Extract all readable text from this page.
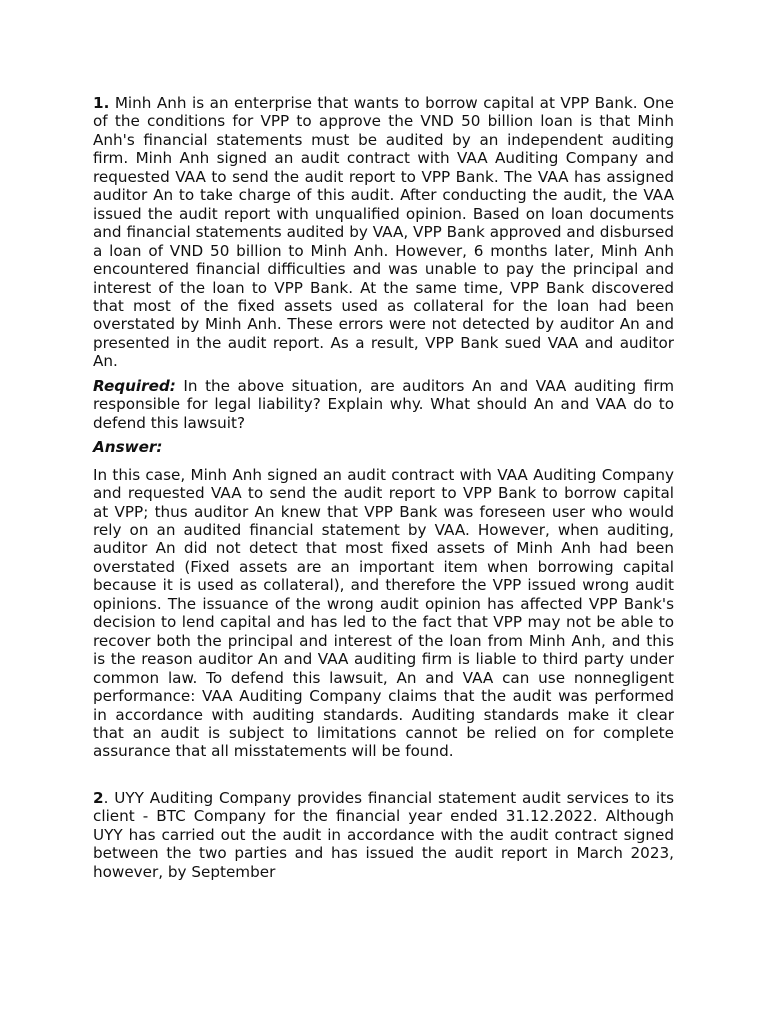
1. Minh Anh is an enterprise that wants to borrow capital at VPP Bank. One of the conditions for VPP to approve the VND 50 billion loan is that Minh Anh's financial statements must be audited by an independent auditing firm. Minh Anh signed an audit contract with VAA Auditing Company and requested VAA to send the audit report to VPP Bank. The VAA has assigned auditor An to take charge of this audit. After conducting the audit, the VAA issued the audit report with unqualified opinion. Based on loan documents and financial statements audited by VAA, VPP Bank approved and disbursed a loan of VND 50 billion to Minh Anh. However, 6 months later, Minh Anh encountered financial difficulties and was unable to pay the principal and interest of the loan to VPP Bank. At the same time, VPP Bank discovered that most of the fixed assets used as collateral for the loan had been overstated by Minh Anh. These errors were not detected by auditor An and presented in the audit report. As a result, VPP Bank sued VAA and auditor An.

Required: In the above situation, are auditors An and VAA auditing firm responsible for legal liability? Explain why. What should An and VAA do to defend this lawsuit?

Answer:

In this case, Minh Anh signed an audit contract with VAA Auditing Company and requested VAA to send the audit report to VPP Bank to borrow capital at VPP; thus auditor An knew that VPP Bank was foreseen user who would rely on an audited financial statement by VAA. However, when auditing, auditor An did not detect that most fixed assets of Minh Anh had been overstated (Fixed assets are an important item when borrowing capital because it is used as collateral), and therefore the VPP issued wrong audit opinions. The issuance of the wrong audit opinion has affected VPP Bank's decision to lend capital and has led to the fact that VPP may not be able to recover both the principal and interest of the loan from Minh Anh, and this is the reason auditor An and VAA auditing firm is liable to third party under common law. To defend this lawsuit, An and VAA can use nonnegligent performance: VAA Auditing Company claims that the audit was performed in accordance with auditing standards. Auditing standards make it clear that an audit is subject to limitations cannot be relied on for complete assurance that all misstatements will be found.

2. UYY Auditing Company provides financial statement audit services to its client - BTC Company for the financial year ended 31.12.2022. Although UYY has carried out the audit in accordance with the audit contract signed between the two parties and has issued the audit report in March 2023, however, by September
